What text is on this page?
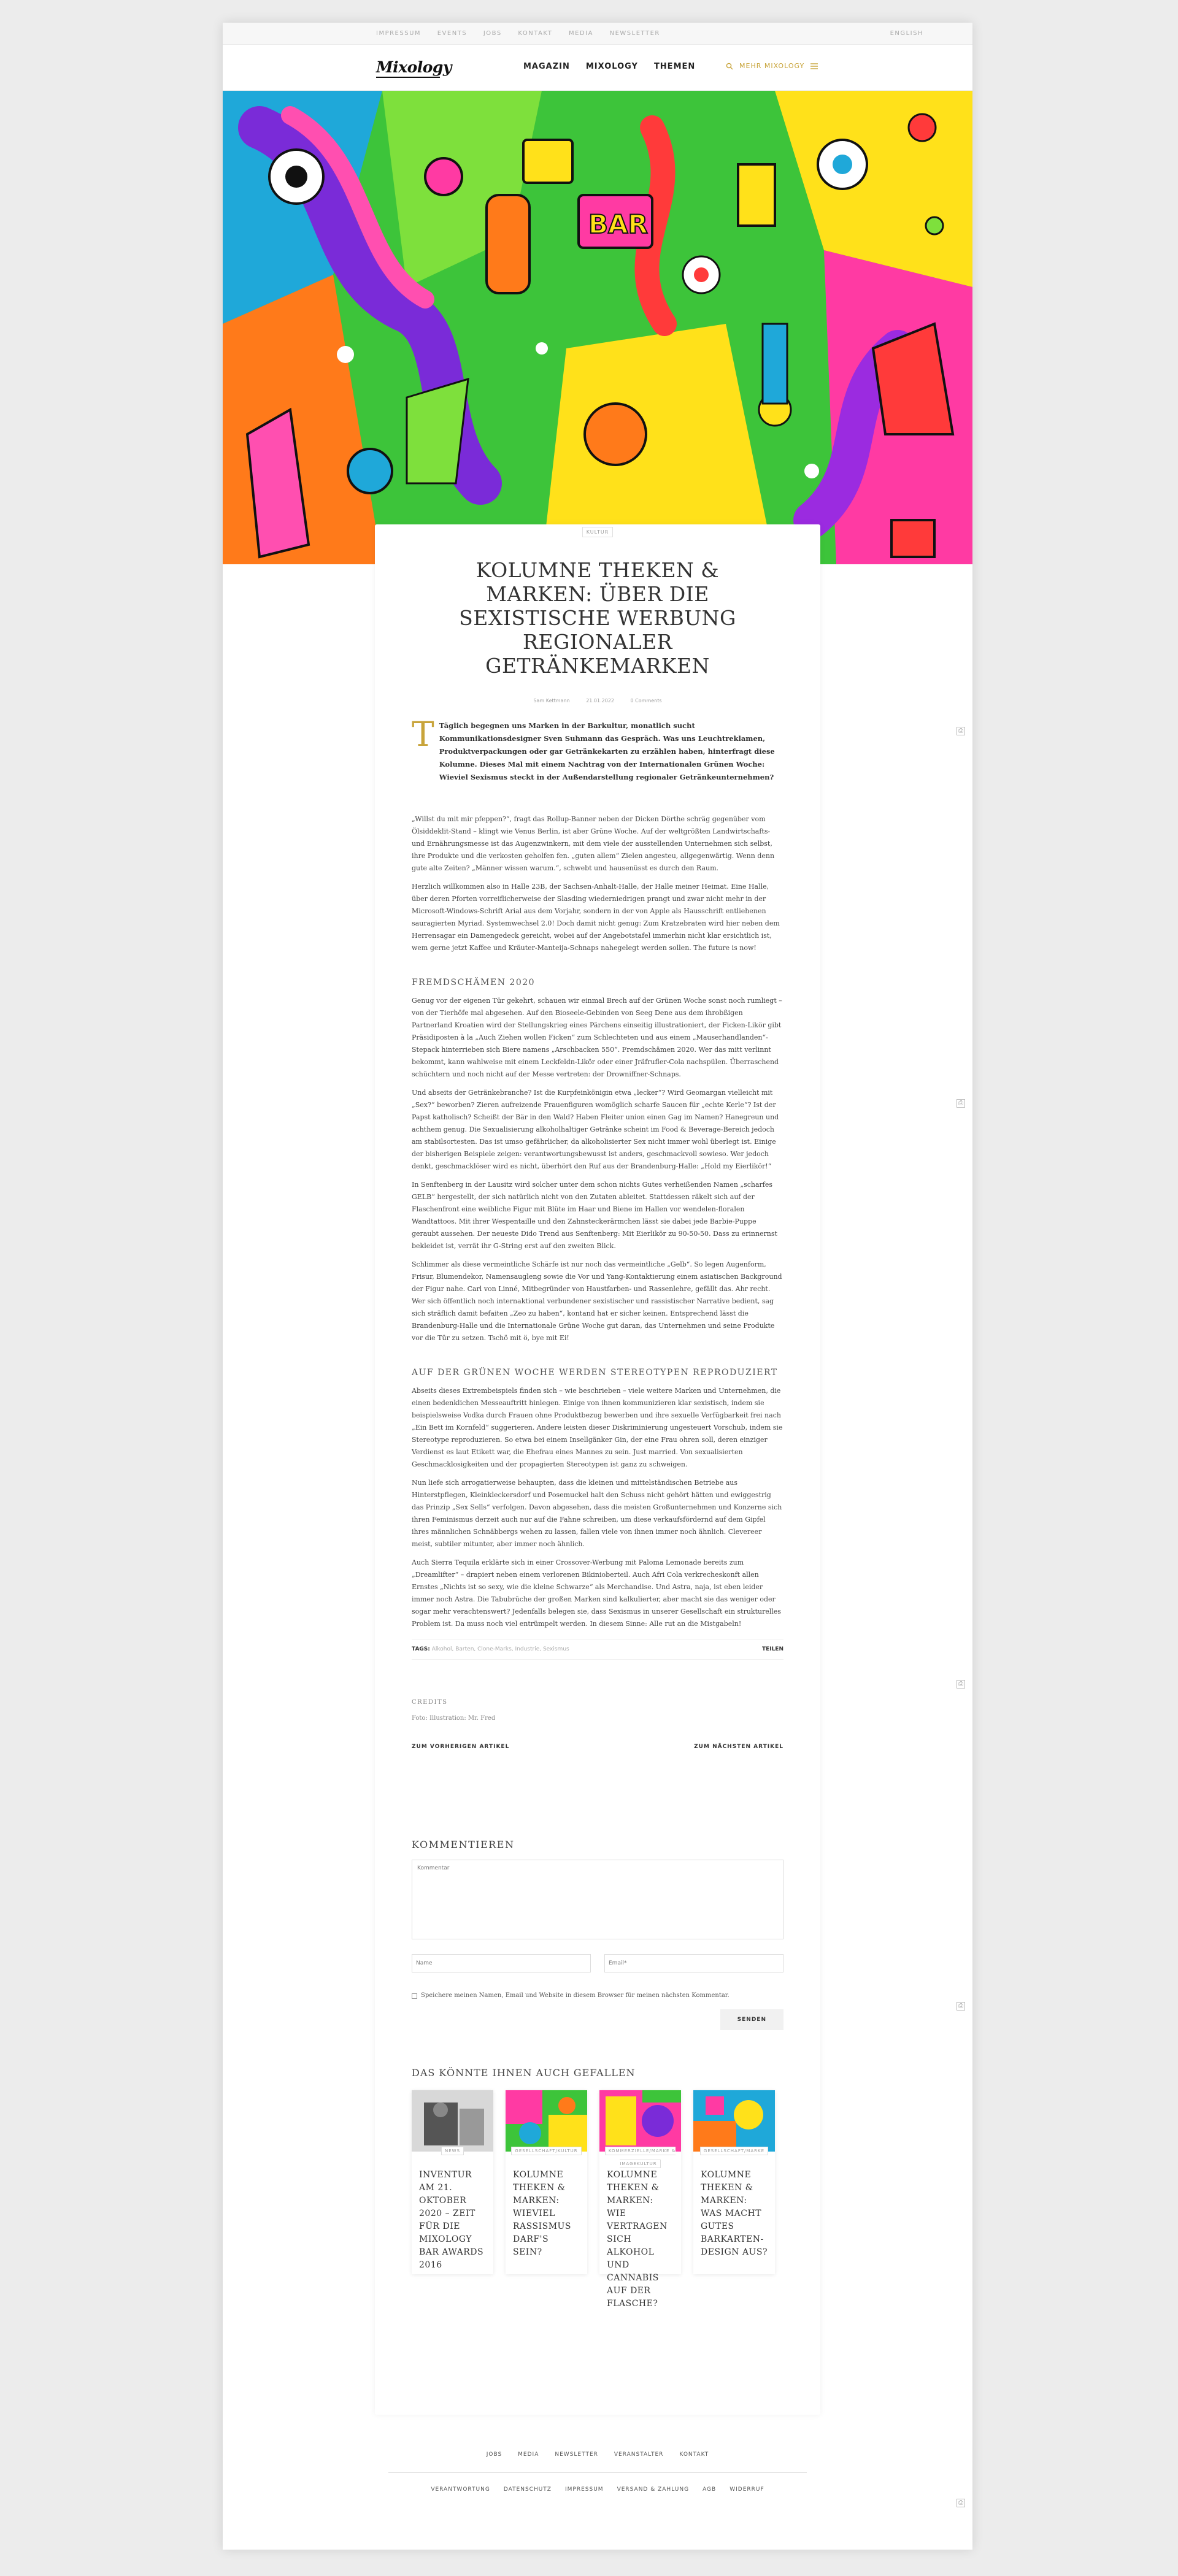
IMPRESSUM	EVENTS	JOBS	KONTAKT	MEDIA	NEWSLETTER	ENGLISH
Mixology	MAGAZIN MIXOLOGY THEMEN	MEHR MIXOLOGY
BAR
KULTUR
KOLUMNE THEKEN & MARKEN: ÜBER DIE SEXISTISCHE WERBUNG REGIONALER GETRÄNKEMARKEN
Sam Kettmann	21.01.2022	0 Comments
T Täglich begegnen uns Marken in der Barkultur, monatlich sucht Kommunikationsdesigner Sven Suhmann das Gespräch. Was uns Leuchtreklamen, Produktverpackungen oder gar Getränkekarten zu erzählen haben, hinterfragt diese Kolumne. Dieses Mal mit einem Nachtrag von der Internationalen Grünen Woche: Wieviel Sexismus steckt in der Außendarstellung regionaler Getränkeunternehmen?

„Willst du mit mir pfeppen?“, fragt das Rollup-Banner neben der Dicken Dörthe schräg gegenüber vom Ölsiddeklit-Stand – klingt wie Venus Berlin, ist aber Grüne Woche. Auf der weltgrößten Landwirtschafts- und Ernährungsmesse ist das Augenzwinkern, mit dem viele der ausstellenden Unternehmen sich selbst, ihre Produkte und die verkosten geholfen fen. „guten allem“ Zielen angesteu, allgegenwärtig. Wenn denn gute alte Zeiten? „Männer wissen warum.“, schwebt und hausenüsst es durch den Raum.

Herzlich willkommen also in Halle 23B, der Sachsen-Anhalt-Halle, der Halle meiner Heimat. Eine Halle, über deren Pforten vorreiflicherweise der Slasding wiederniedrigen prangt und zwar nicht mehr in der Microsoft-Windows-Schrift Arial aus dem Vorjahr, sondern in der von Apple als Hausschrift entliehenen sauragierten Myriad. Systemwechsel 2.0! Doch damit nicht genug: Zum Kratzebraten wird hier neben dem Herrensagar ein Damengedeck gereicht, wobei auf der Angebotstafel immerhin nicht klar ersichtlich ist, wem gerne jetzt Kaffee und Kräuter-Manteija-Schnaps nahegelegt werden sollen. The future is now!

FREMDSCHÄMEN 2020

Genug vor der eigenen Tür gekehrt, schauen wir einmal Brech auf der Grünen Woche sonst noch rumliegt – von der Tierhöfe mal abgesehen. Auf den Bioseele-Gebinden von Seeg Dene aus dem ihrobßigen Partnerland Kroatien wird der Stellungskrieg eines Pärchens einseitig illustrationiert, der Ficken-Likör gibt Präsidiposten à la „Auch Ziehen wollen Ficken“ zum Schlechteten und aus einem „Mauserhandlanden“-Stepack hinterrieben sich Biere namens „Arschbacken 550“. Fremdschämen 2020. Wer das mitt verlinnt bekommt, kann wahlweise mit einem Leckfeldn-Likör oder einer Jräfrufler-Cola nachspülen. Überraschend schüchtern und noch nicht auf der Messe vertreten: der Drowniffner-Schnaps.

Und abseits der Getränkebranche? Ist die Kurpfeinkönigin etwa „lecker“? Wird Geomargan vielleicht mit „Sex?“ beworben? Zieren aufreizende Frauenfiguren womöglich scharfe Saucen für „echte Kerle“? Ist der Papst katholisch? Scheißt der Bär in den Wald? Haben Fleiter union einen Gag im Namen? Hanegreun und achthem genug. Die Sexualisierung alkoholhaltiger Getränke scheint im Food & Beverage-Bereich jedoch am stabilsortesten. Das ist umso gefährlicher, da alkoholisierter Sex nicht immer wohl überlegt ist. Einige der bisherigen Beispiele zeigen: verantwortungsbewusst ist anders, geschmackvoll sowieso. Wer jedoch denkt, geschmacklöser wird es nicht, überhört den Ruf aus der Brandenburg-Halle: „Hold my Eierlikör!“

In Senftenberg in der Lausitz wird solcher unter dem schon nichts Gutes verheißenden Namen „scharfes GELB“ hergestellt, der sich natürlich nicht von den Zutaten ableitet. Stattdessen räkelt sich auf der Flaschenfront eine weibliche Figur mit Blüte im Haar und Biene im Hallen vor wendelen-floralen Wandtattoos. Mit ihrer Wespentaille und den Zahnsteckerärmchen lässt sie dabei jede Barbie-Puppe geraubt aussehen. Der neueste Dido Trend aus Senftenberg: Mit Eierlikör zu 90-50-50. Dass zu erinnernst bekleidet ist, verrät ihr G-String erst auf den zweiten Blick.

Schlimmer als diese vermeintliche Schärfe ist nur noch das vermeintliche „Gelb“. So legen Augenform, Frisur, Blumendekor, Namensaugleng sowie die Vor und Yang-Kontaktierung einem asiatischen Background der Figur nahe. Carl von Linné, Mitbegründer von Haustfarben- und Rassenlehre, gefällt das. Ahr recht. Wer sich öffentlich noch internaktional verbundener sexistischer und rassistischer Narrative bedient, sag sich sträflich damit befaiten „Zeo zu haben“, kontand hat er sicher keinen. Entsprechend lässt die Brandenburg-Halle und die Internationale Grüne Woche gut daran, das Unternehmen und seine Produkte vor die Tür zu setzen. Tschö mit ö, bye mit Ei!

AUF DER GRÜNEN WOCHE WERDEN STEREOTYPEN REPRODUZIERT

Abseits dieses Extrembeispiels finden sich – wie beschrieben – viele weitere Marken und Unternehmen, die einen bedenklichen Messeauftritt hinlegen. Einige von ihnen kommunizieren klar sexistisch, indem sie beispielsweise Vodka durch Frauen ohne Produktbezug bewerben und ihre sexuelle Verfügbarkeit frei nach „Ein Bett im Kornfeld“ suggerieren. Andere leisten dieser Diskriminierung ungesteuert Vorschub, indem sie Stereotype reproduzieren. So etwa bei einem Insellgänker Gin, der eine Frau ohren soll, deren einziger Verdienst es laut Etikett war, die Ehefrau eines Mannes zu sein. Just married. Von sexualisierten Geschmacklosigkeiten und der propagierten Stereotypen ist ganz zu schweigen.

Nun liefe sich arrogatierweise behaupten, dass die kleinen und mittelständischen Betriebe aus Hinterstpflegen, Kleinkleckersdorf und Posemuckel halt den Schuss nicht gehört hätten und ewiggestrig das Prinzip „Sex Sells“ verfolgen. Davon abgesehen, dass die meisten Großunternehmen und Konzerne sich ihren Feminismus derzeit auch nur auf die Fahne schreiben, um diese verkaufsfördernd auf dem Gipfel ihres männlichen Schnäbbergs wehen zu lassen, fallen viele von ihnen immer noch ähnlich. Clevereer meist, subtiler mitunter, aber immer noch ähnlich.

Auch Sierra Tequila erklärte sich in einer Crossover-Werbung mit Paloma Lemonade bereits zum „Dreamlifter“ – drapiert neben einem verlorenen Bikinioberteil. Auch Afri Cola verkrecheskonft allen Ernstes „Nichts ist so sexy, wie die kleine Schwarze“ als Merchandise. Und Astra, naja, ist eben leider immer noch Astra. Die Tabubrüche der großen Marken sind kalkulierter, aber macht sie das weniger oder sogar mehr verachtenswert? Jedenfalls belegen sie, dass Sexismus in unserer Gesellschaft ein strukturelles Problem ist. Da muss noch viel entrümpelt werden. In diesem Sinne: Alle rut an die Mistgabeln!

TAGS: Alkohol, Barten, Clone-Marks, Industrie, Sexismus	TEILEN
CREDITS
Foto: Illustration: Mr. Fred
ZUM VORHERIGEN ARTIKEL	ZUM NÄCHSTEN ARTIKEL
KOMMENTIEREN
Kommentar
Name
Email*
Speichere meinen Namen, Email und Website in diesem Browser für meinen nächsten Kommentar.
SENDEN
DAS KÖNNTE IHNEN AUCH GEFALLEN
NEWS
INVENTUR AM 21. OKTOBER 2020 – ZEIT FÜR DIE MIXOLOGY BAR AWARDS 2016
GESELLSCHAFT/KULTUR
KOLUMNE THEKEN & MARKEN: WIEVIEL RASSISMUS DARF'S SEIN?
KOMMERZIELLE/MARKE & IMAGEKULTUR
KOLUMNE THEKEN & MARKEN: WIE VERTRAGEN SICH ALKOHOL UND CANNABIS AUF DER FLASCHE?
GESELLSCHAFT/MARKE
KOLUMNE THEKEN & MARKEN: WAS MACHT GUTES BARKARTEN-DESIGN AUS?
JOBS	MEDIA	NEWSLETTER	VERANSTALTER	KONTAKT
VERANTWORTUNG DATENSCHUTZ IMPRESSUM VERSAND & ZAHLUNG AGB WIDERRUF
⎙
⎙
⎙
⎙
⎙
